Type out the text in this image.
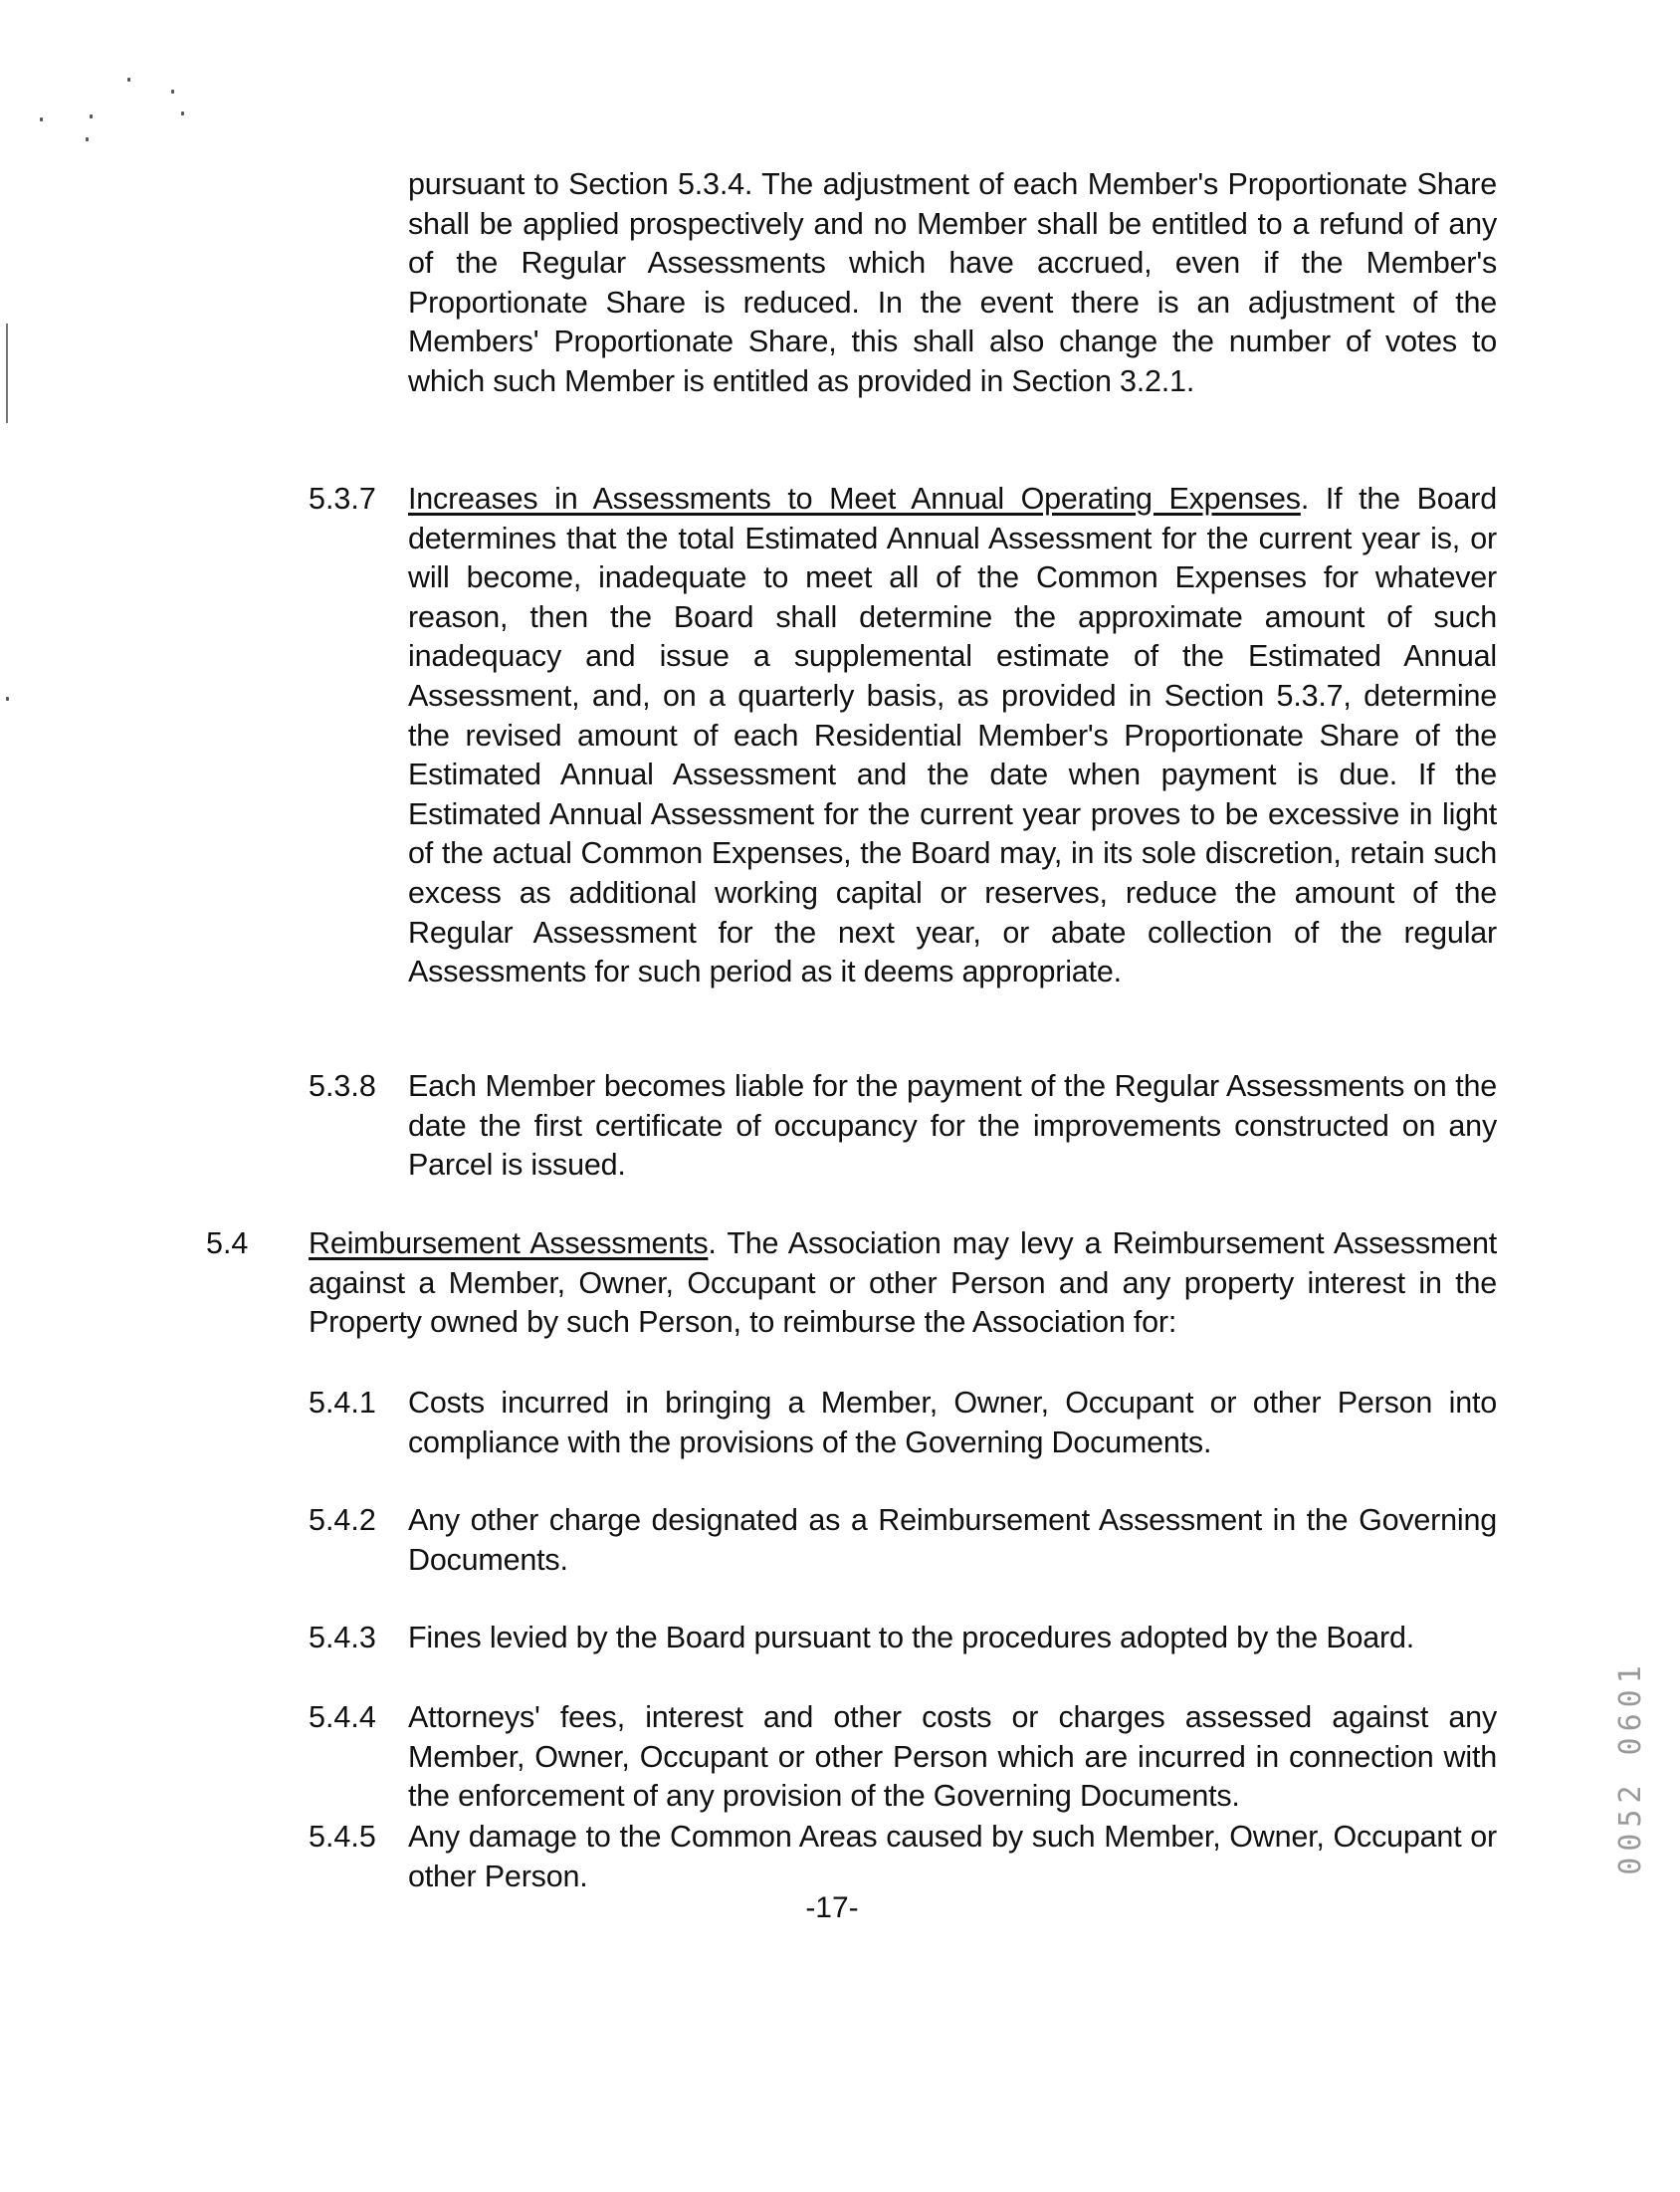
pursuant to Section 5.3.4. The adjustment of each Member's Proportionate Share shall be applied prospectively and no Member shall be entitled to a refund of any of the Regular Assessments which have accrued, even if the Member's Proportionate Share is reduced. In the event there is an adjustment of the Members' Proportionate Share, this shall also change the number of votes to which such Member is entitled as provided in Section 3.2.1.
5.3.7 Increases in Assessments to Meet Annual Operating Expenses. If the Board determines that the total Estimated Annual Assessment for the current year is, or will become, inadequate to meet all of the Common Expenses for whatever reason, then the Board shall determine the approximate amount of such inadequacy and issue a supplemental estimate of the Estimated Annual Assessment, and, on a quarterly basis, as provided in Section 5.3.7, determine the revised amount of each Residential Member's Proportionate Share of the Estimated Annual Assessment and the date when payment is due. If the Estimated Annual Assessment for the current year proves to be excessive in light of the actual Common Expenses, the Board may, in its sole discretion, retain such excess as additional working capital or reserves, reduce the amount of the Regular Assessment for the next year, or abate collection of the regular Assessments for such period as it deems appropriate.
5.3.8 Each Member becomes liable for the payment of the Regular Assessments on the date the first certificate of occupancy for the improvements constructed on any Parcel is issued.
5.4 Reimbursement Assessments. The Association may levy a Reimbursement Assessment against a Member, Owner, Occupant or other Person and any property interest in the Property owned by such Person, to reimburse the Association for:
5.4.1 Costs incurred in bringing a Member, Owner, Occupant or other Person into compliance with the provisions of the Governing Documents.
5.4.2 Any other charge designated as a Reimbursement Assessment in the Governing Documents.
5.4.3 Fines levied by the Board pursuant to the procedures adopted by the Board.
5.4.4 Attorneys' fees, interest and other costs or charges assessed against any Member, Owner, Occupant or other Person which are incurred in connection with the enforcement of any provision of the Governing Documents.
5.4.5 Any damage to the Common Areas caused by such Member, Owner, Occupant or other Person.
-17-
0052 0601
